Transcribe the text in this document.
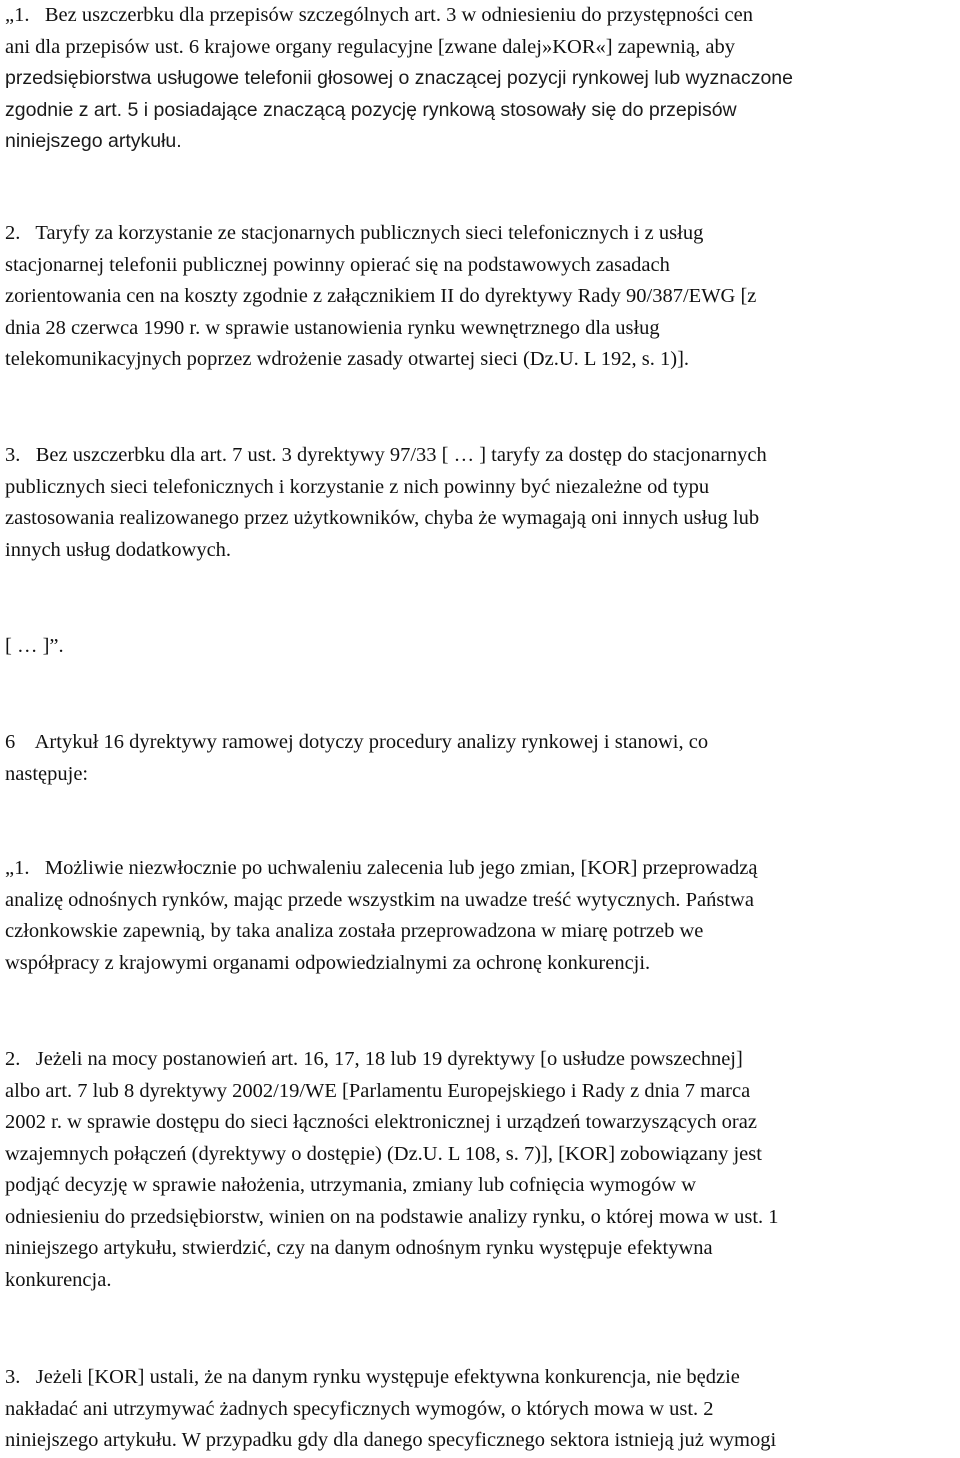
„1.   Bez uszczerbku dla przepisów szczególnych art. 3 w odniesieniu do przystępności cen
ani dla przepisów ust. 6 krajowe organy regulacyjne [zwane dalej»KOR«] zapewnią, aby
przedsiębiorstwa usługowe telefonii głosowej o znaczącej pozycji rynkowej lub wyznaczone
zgodnie z art. 5 i posiadające znaczącą pozycję rynkową stosowały się do przepisów
niniejszego artykułu.
2.   Taryfy za korzystanie ze stacjonarnych publicznych sieci telefonicznych i z usług
stacjonarnej telefonii publicznej powinny opierać się na podstawowych zasadach
zorientowania cen na koszty zgodnie z załącznikiem II do dyrektywy Rady 90/387/EWG [z
dnia 28 czerwca 1990 r. w sprawie ustanowienia rynku wewnętrznego dla usług
telekomunikacyjnych poprzez wdrożenie zasady otwartej sieci (Dz.U. L 192, s. 1)].
3.   Bez uszczerbku dla art. 7 ust. 3 dyrektywy 97/33 [ … ] taryfy za dostęp do stacjonarnych
publicznych sieci telefonicznych i korzystanie z nich powinny być niezależne od typu
zastosowania realizowanego przez użytkowników, chyba że wymagają oni innych usług lub
innych usług dodatkowych.
[ … ]”.
6    Artykuł 16 dyrektywy ramowej dotyczy procedury analizy rynkowej i stanowi, co
następuje:
„1.   Możliwie niezwłocznie po uchwaleniu zalecenia lub jego zmian, [KOR] przeprowadzą
analizę odnośnych rynków, mając przede wszystkim na uwadze treść wytycznych. Państwa
członkowskie zapewnią, by taka analiza została przeprowadzona w miarę potrzeb we
współpracy z krajowymi organami odpowiedzialnymi za ochronę konkurencji.
2.   Jeżeli na mocy postanowień art. 16, 17, 18 lub 19 dyrektywy [o usłudze powszechnej]
albo art. 7 lub 8 dyrektywy 2002/19/WE [Parlamentu Europejskiego i Rady z dnia 7 marca
2002 r. w sprawie dostępu do sieci łączności elektronicznej i urządzeń towarzyszących oraz
wzajemnych połączeń (dyrektywy o dostępie) (Dz.U. L 108, s. 7)], [KOR] zobowiązany jest
podjąć decyzję w sprawie nałożenia, utrzymania, zmiany lub cofnięcia wymogów w
odniesieniu do przedsiębiorstw, winien on na podstawie analizy rynku, o której mowa w ust. 1
niniejszego artykułu, stwierdzić, czy na danym odnośnym rynku występuje efektywna
konkurencja.
3.   Jeżeli [KOR] ustali, że na danym rynku występuje efektywna konkurencja, nie będzie
nakładać ani utrzymywać żadnych specyficznych wymogów, o których mowa w ust. 2
niniejszego artykułu. W przypadku gdy dla danego specyficznego sektora istnieją już wymogi
